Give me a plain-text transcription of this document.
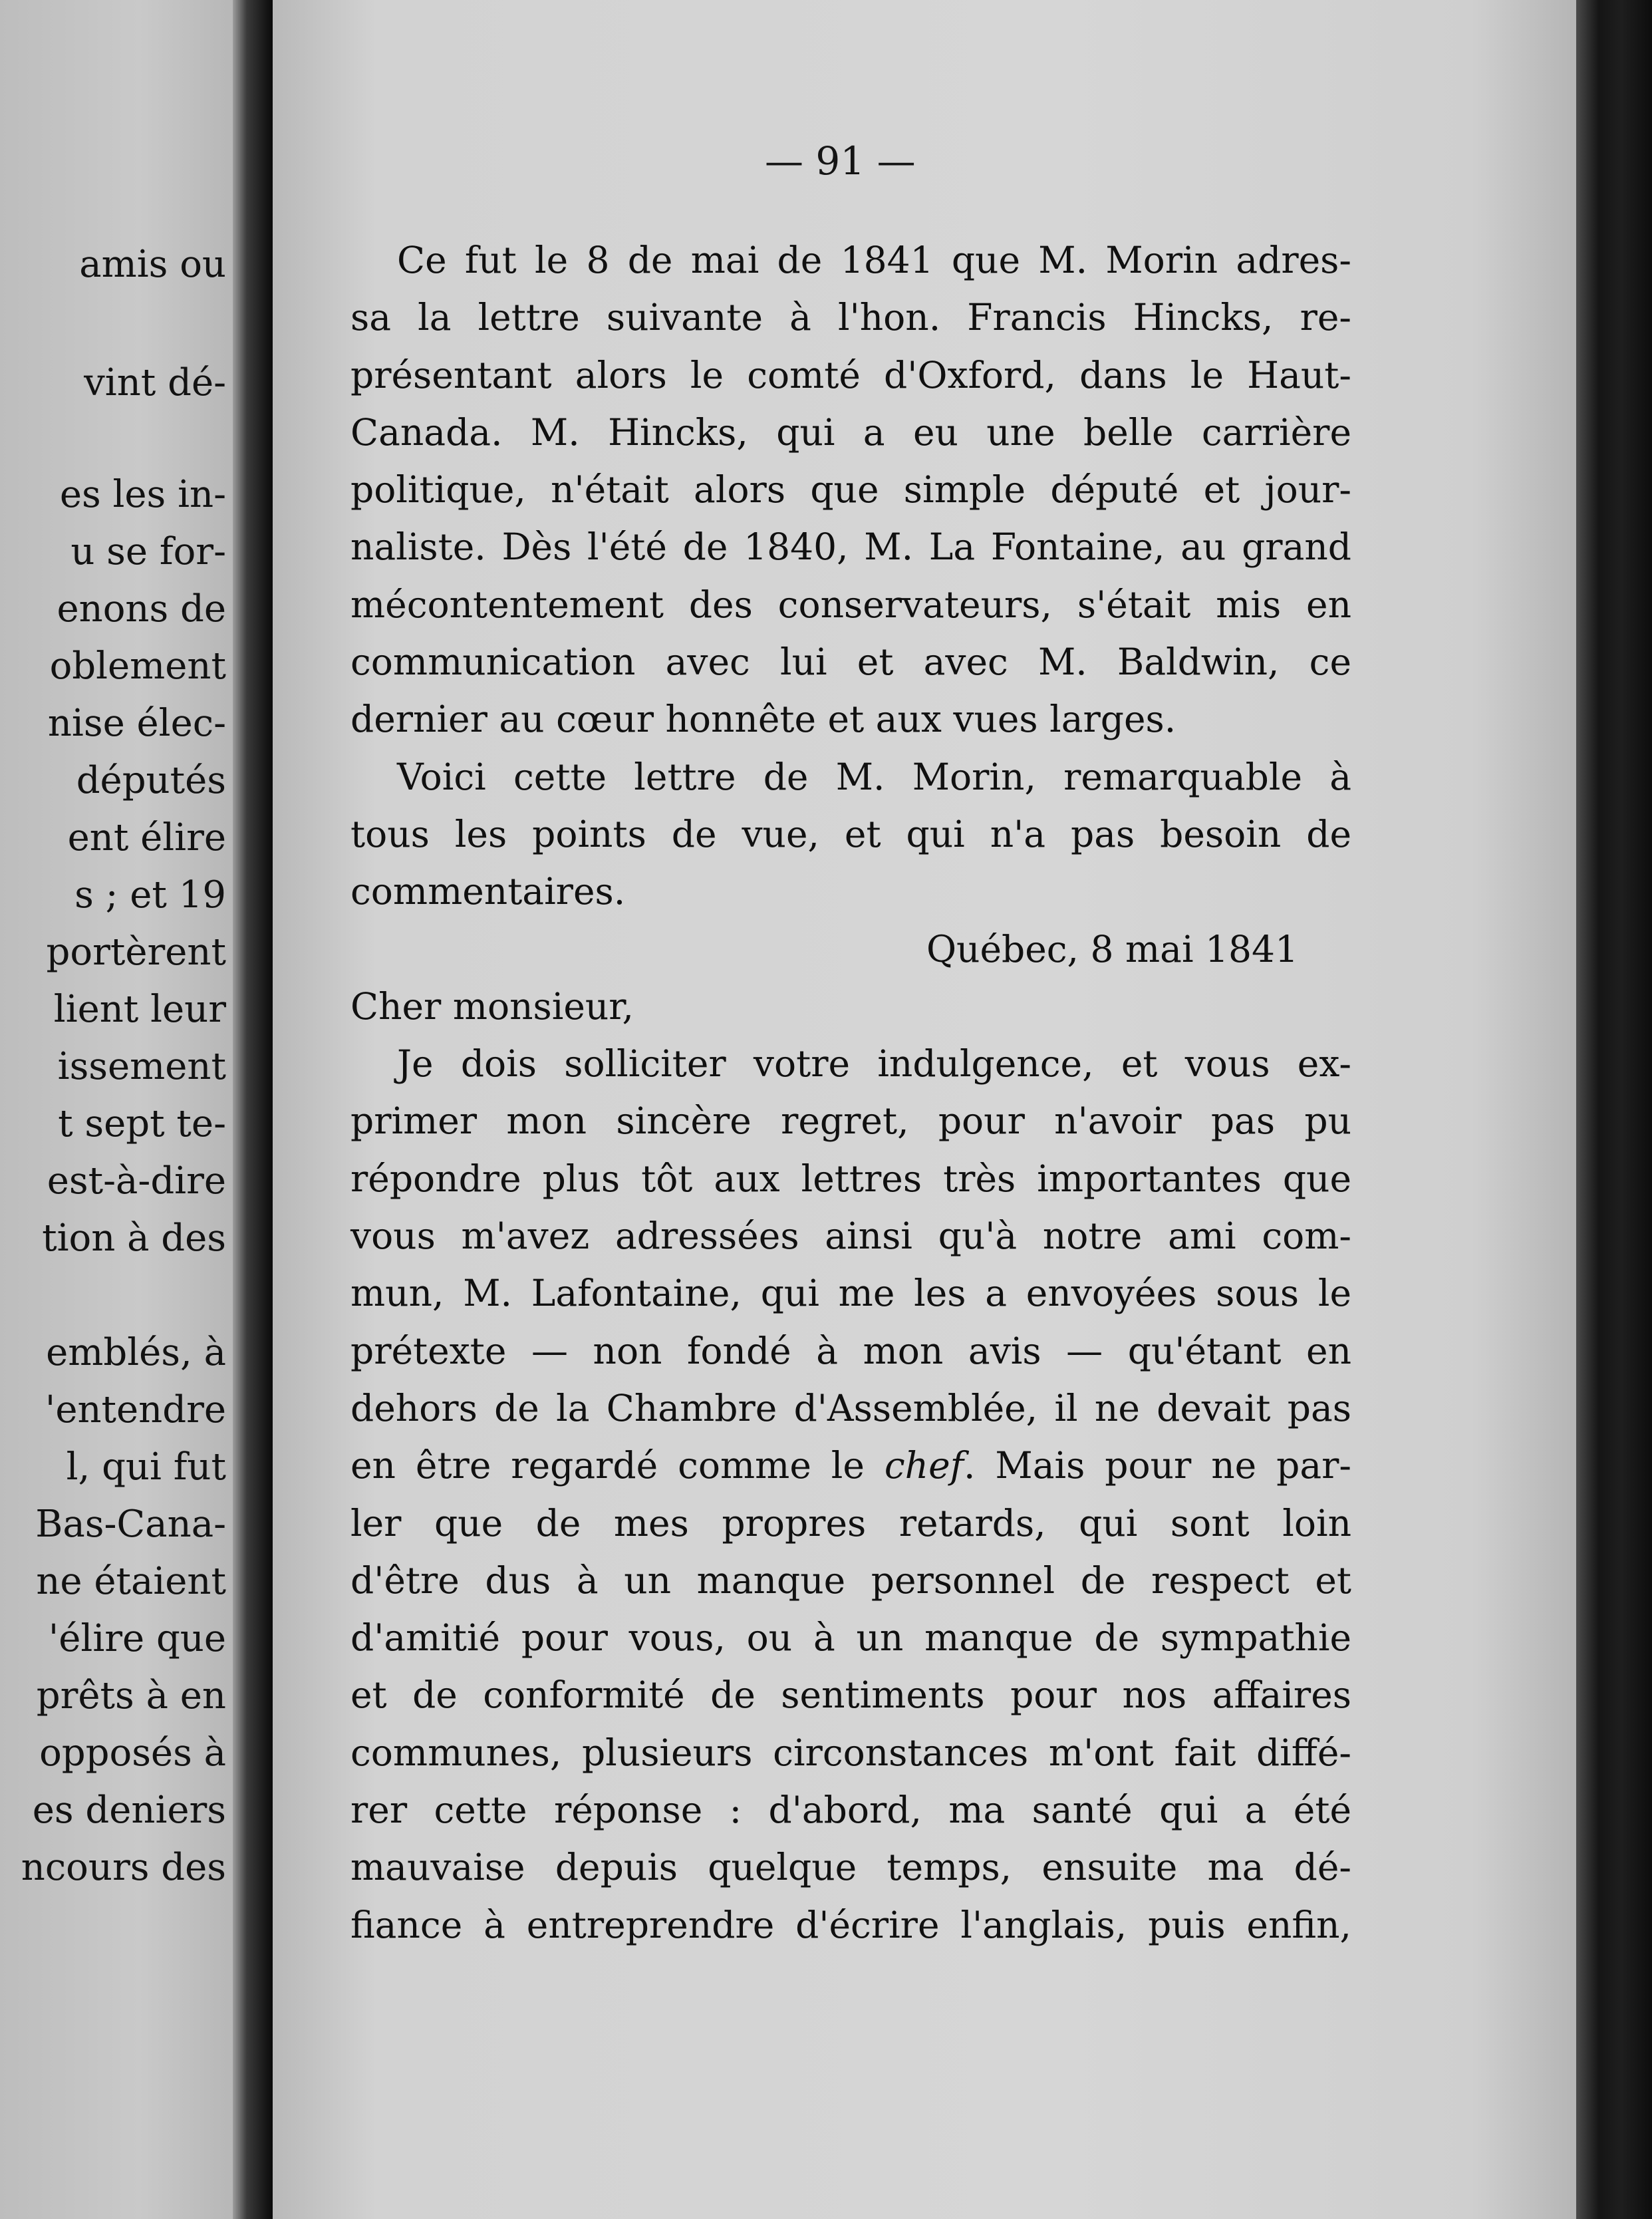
amis ou
vint dé-
es les in-
u se for-
enons de
oblement
nise élec-
députés
ent élire
s ; et 19
portèrent
lient leur
issement
t sept te-
est-à-dire
tion à des
emblés, à
'entendre
l, qui fut
Bas-Cana-
ne étaient
'élire que
prêts à en
opposés à
es deniers
ncours des
— 91 —
Ce fut le 8 de mai de 1841 que M. Morin adres-
sa la lettre suivante à l'hon. Francis Hincks, re-
présentant alors le comté d'Oxford, dans le Haut-
Canada. M. Hincks, qui a eu une belle carrière
politique, n'était alors que simple député et jour-
naliste. Dès l'été de 1840, M. La Fontaine, au grand
mécontentement des conservateurs, s'était mis en
communication avec lui et avec M. Baldwin, ce
dernier au cœur honnête et aux vues larges.
Voici cette lettre de M. Morin, remarquable à
tous les points de vue, et qui n'a pas besoin de
commentaires.
Québec, 8 mai 1841
Cher monsieur,
Je dois solliciter votre indulgence, et vous ex-
primer mon sincère regret, pour n'avoir pas pu
répondre plus tôt aux lettres très importantes que
vous m'avez adressées ainsi qu'à notre ami com-
mun, M. Lafontaine, qui me les a envoyées sous le
prétexte — non fondé à mon avis — qu'étant en
dehors de la Chambre d'Assemblée, il ne devait pas
en être regardé comme le chef. Mais pour ne par-
ler que de mes propres retards, qui sont loin
d'être dus à un manque personnel de respect et
d'amitié pour vous, ou à un manque de sympathie
et de conformité de sentiments pour nos affaires
communes, plusieurs circonstances m'ont fait diffé-
rer cette réponse : d'abord, ma santé qui a été
mauvaise depuis quelque temps, ensuite ma dé-
fiance à entreprendre d'écrire l'anglais, puis enfin,
